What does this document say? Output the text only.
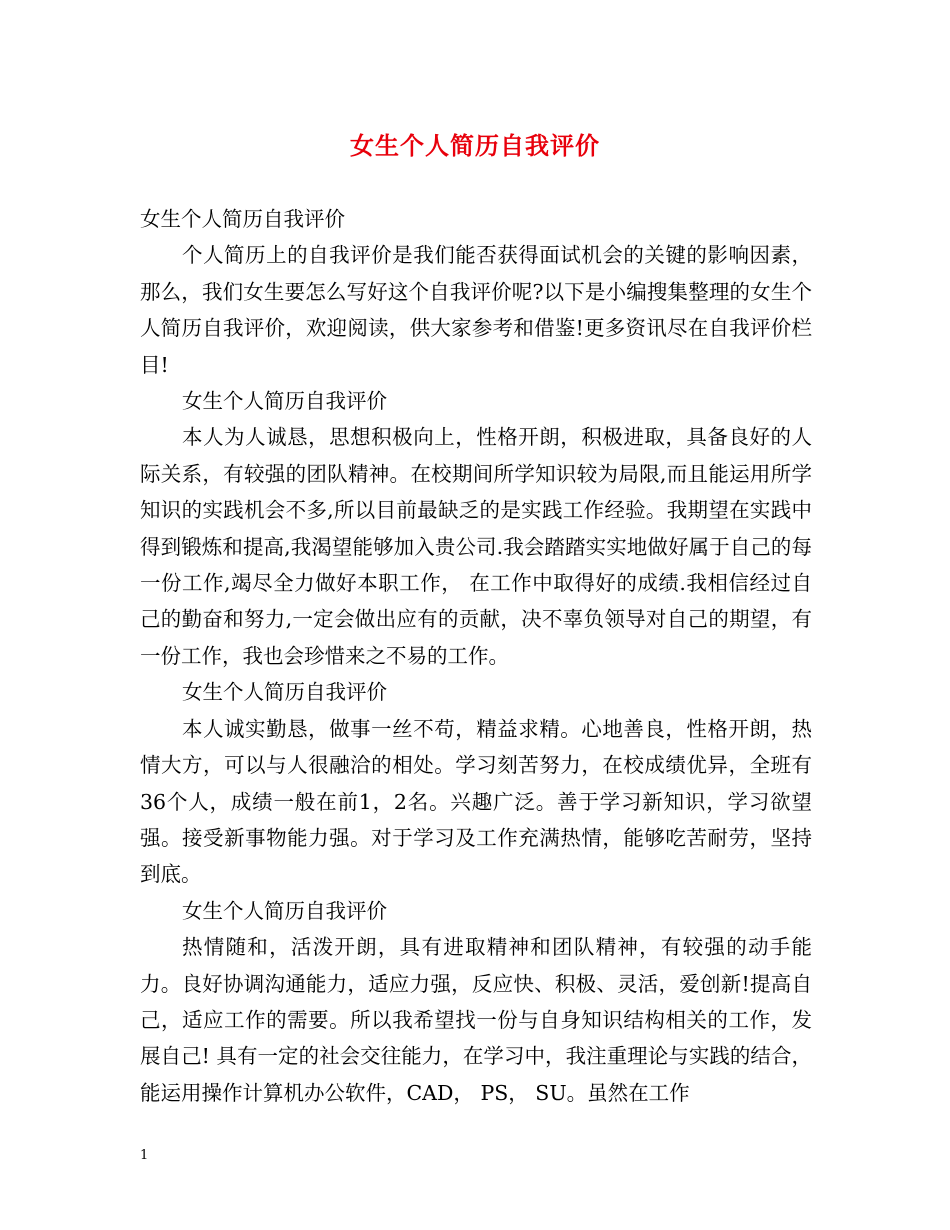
女生个人简历自我评价

女生个人简历自我评价

个人简历上的自我评价是我们能否获得面试机会的关键的影响因素，那么，我们女生要怎么写好这个自我评价呢?以下是小编搜集整理的女生个人简历自我评价，欢迎阅读，供大家参考和借鉴!更多资讯尽在自我评价栏目!

女生个人简历自我评价

本人为人诚恳，思想积极向上，性格开朗，积极进取，具备良好的人际关系，有较强的团队精神。在校期间所学知识较为局限,而且能运用所学知识的实践机会不多,所以目前最缺乏的是实践工作经验。我期望在实践中得到锻炼和提高,我渴望能够加入贵公司.我会踏踏实实地做好属于自己的每一份工作,竭尽全力做好本职工作， 在工作中取得好的成绩.我相信经过自己的勤奋和努力,一定会做出应有的贡献，决不辜负领导对自己的期望，有一份工作，我也会珍惜来之不易的工作。

女生个人简历自我评价

本人诚实勤恳，做事一丝不苟，精益求精。心地善良，性格开朗，热情大方，可以与人很融洽的相处。学习刻苦努力，在校成绩优异，全班有36个人，成绩一般在前1，2名。兴趣广泛。善于学习新知识，学习欲望强。接受新事物能力强。对于学习及工作充满热情，能够吃苦耐劳，坚持到底。

女生个人简历自我评价

热情随和，活泼开朗，具有进取精神和团队精神，有较强的动手能力。良好协调沟通能力，适应力强，反应快、积极、灵活，爱创新!提高自己，适应工作的需要。所以我希望找一份与自身知识结构相关的工作，发展自己! 具有一定的社会交往能力，在学习中，我注重理论与实践的结合，能运用操作计算机办公软件，CAD， PS， SU。虽然在工作

1
